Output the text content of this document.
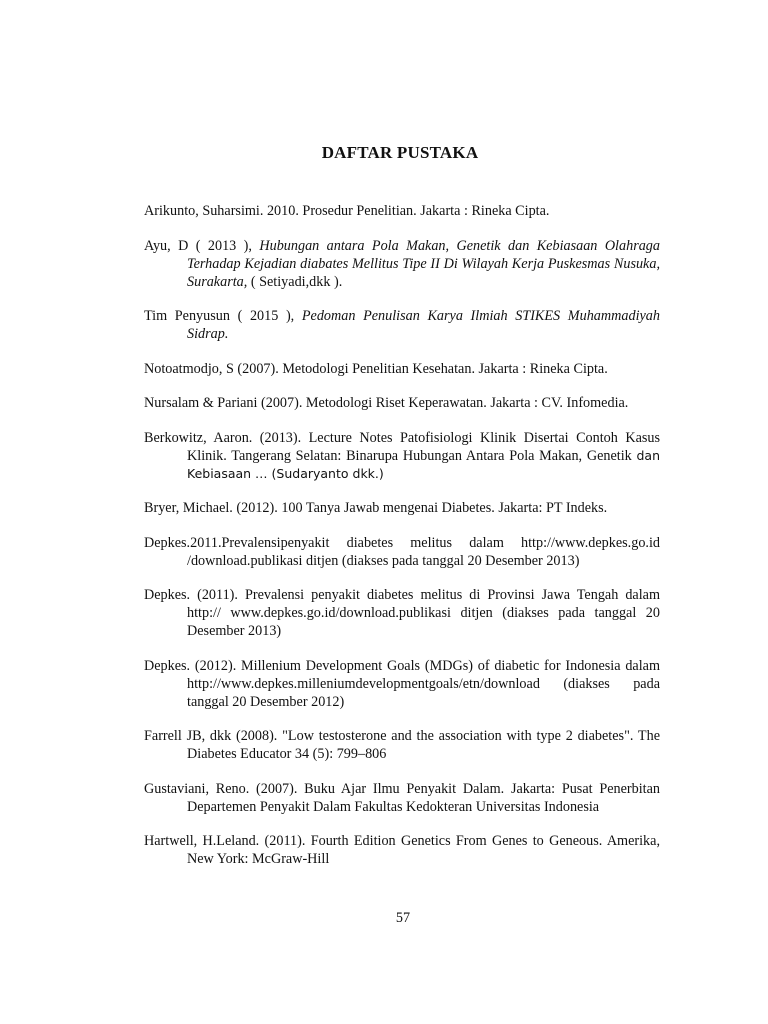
DAFTAR PUSTAKA
Arikunto, Suharsimi. 2010. Prosedur Penelitian. Jakarta : Rineka Cipta.
Ayu, D ( 2013 ), Hubungan antara Pola Makan, Genetik dan Kebiasaan Olahraga Terhadap Kejadian diabates Mellitus Tipe II Di Wilayah Kerja Puskesmas Nusuka, Surakarta, ( Setiyadi,dkk ).
Tim Penyusun ( 2015 ), Pedoman Penulisan Karya Ilmiah STIKES Muhammadiyah Sidrap.
Notoatmodjo, S (2007). Metodologi Penelitian Kesehatan. Jakarta : Rineka Cipta.
Nursalam & Pariani (2007). Metodologi Riset Keperawatan. Jakarta : CV. Infomedia.
Berkowitz, Aaron. (2013). Lecture Notes Patofisiologi Klinik Disertai Contoh Kasus Klinik. Tangerang Selatan: Binarupa Hubungan Antara Pola Makan, Genetik dan Kebiasaan … (Sudaryanto dkk.)
Bryer, Michael. (2012). 100 Tanya Jawab mengenai Diabetes. Jakarta: PT Indeks.
Depkes.2011.Prevalensipenyakit diabetes melitus dalam http://www.depkes.go.id /download.publikasi ditjen (diakses pada tanggal 20 Desember 2013)
Depkes. (2011). Prevalensi penyakit diabetes melitus di Provinsi Jawa Tengah dalam http:// www.depkes.go.id/download.publikasi ditjen (diakses pada tanggal 20 Desember 2013)
Depkes. (2012). Millenium Development Goals (MDGs) of diabetic for Indonesia dalam http://www.depkes.milleniumdevelopmentgoals/etn/download (diakses pada tanggal 20 Desember 2012)
Farrell JB, dkk (2008). "Low testosterone and the association with type 2 diabetes". The Diabetes Educator 34 (5): 799–806
Gustaviani, Reno. (2007). Buku Ajar Ilmu Penyakit Dalam. Jakarta: Pusat Penerbitan Departemen Penyakit Dalam Fakultas Kedokteran Universitas Indonesia
Hartwell, H.Leland. (2011). Fourth Edition Genetics From Genes to Geneous. Amerika, New York: McGraw-Hill
57
